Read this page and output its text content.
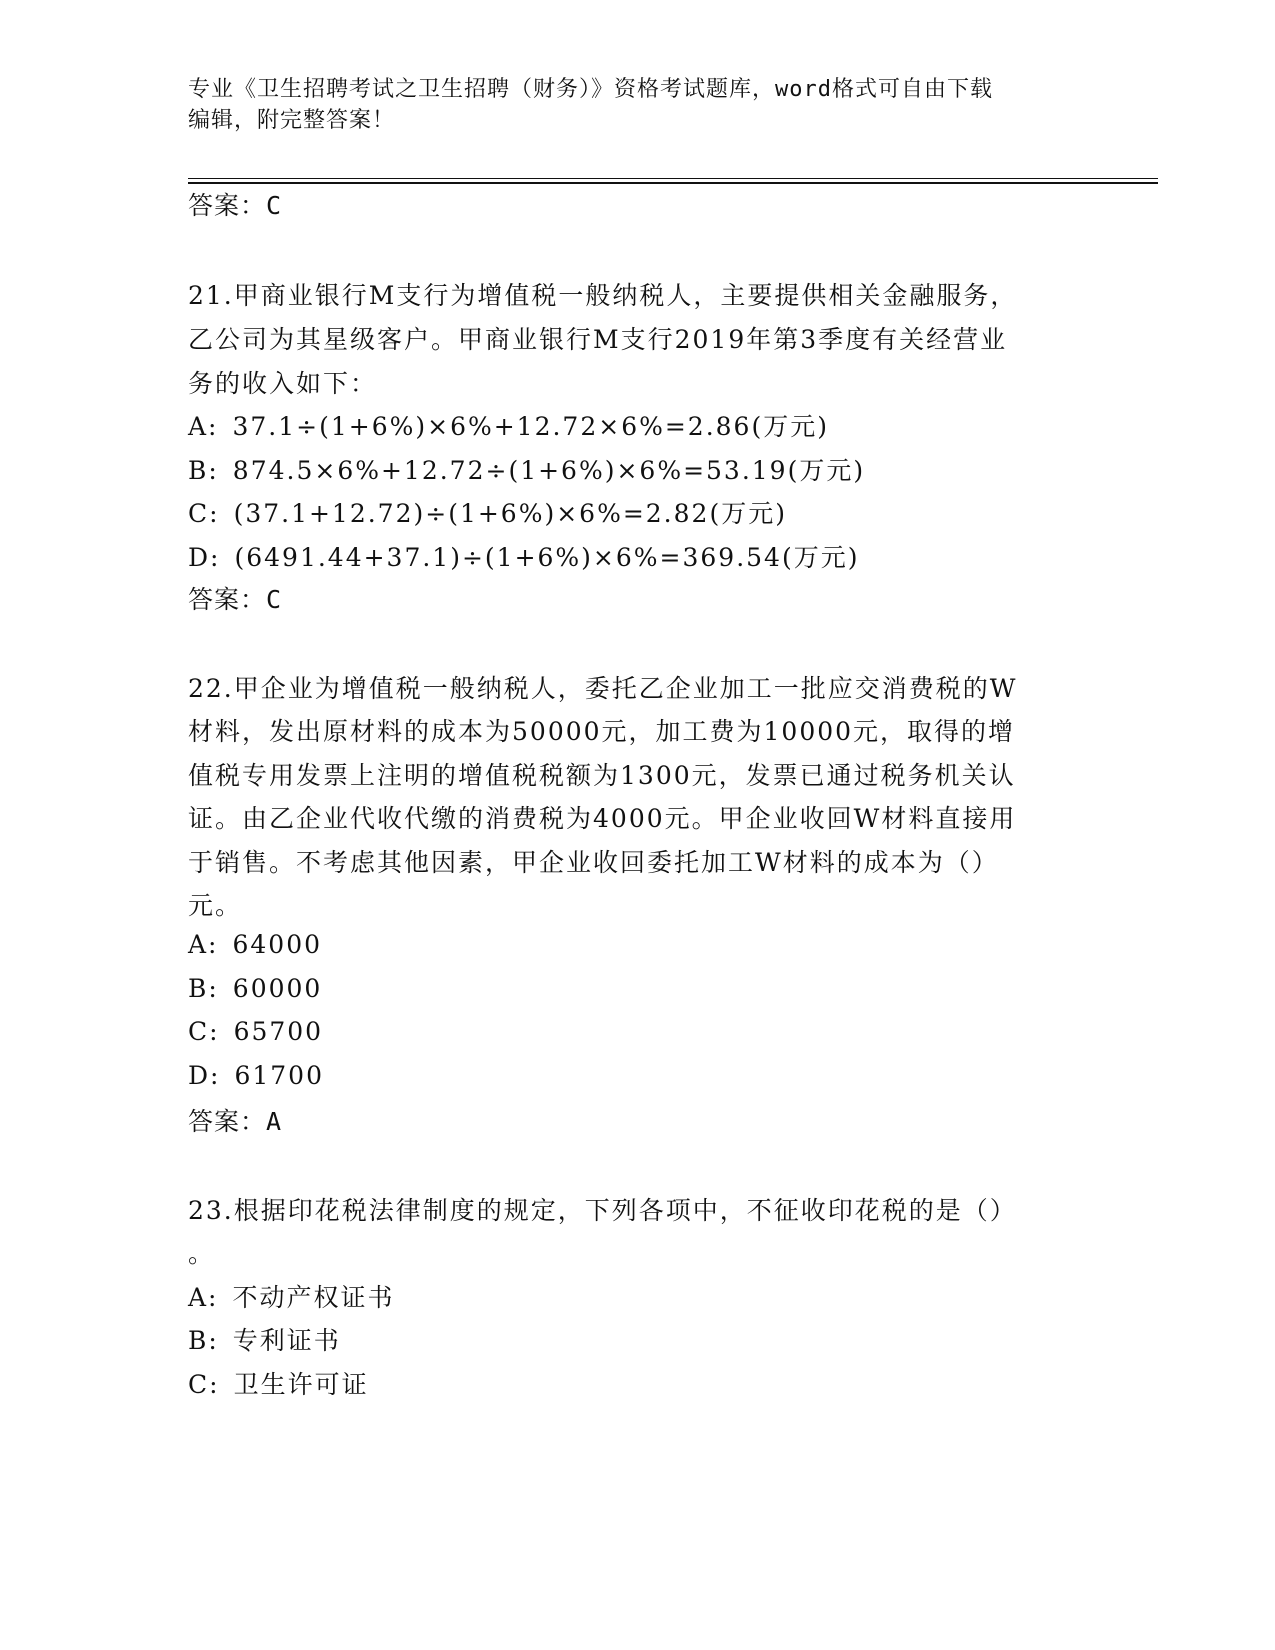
专业《卫生招聘考试之卫生招聘（财务）》资格考试题库，word格式可自由下载
编辑，附完整答案！
答案：C
21.甲商业银行M支行为增值税一般纳税人，主要提供相关金融服务，
乙公司为其星级客户。甲商业银行M支行2019年第3季度有关经营业
务的收入如下：
A: 37.1÷(1+6%)×6%+12.72×6%=2.86(万元)
B: 874.5×6%+12.72÷(1+6%)×6%=53.19(万元)
C: (37.1+12.72)÷(1+6%)×6%=2.82(万元)
D: (6491.44+37.1)÷(1+6%)×6%=369.54(万元)
答案：C
22.甲企业为增值税一般纳税人，委托乙企业加工一批应交消费税的W
材料，发出原材料的成本为50000元，加工费为10000元，取得的增
值税专用发票上注明的增值税税额为1300元，发票已通过税务机关认
证。由乙企业代收代缴的消费税为4000元。甲企业收回W材料直接用
于销售。不考虑其他因素，甲企业收回委托加工W材料的成本为（）
元。
A: 64000
B: 60000
C: 65700
D: 61700
答案：A
23.根据印花税法律制度的规定，下列各项中，不征收印花税的是（）
。
A: 不动产权证书
B: 专利证书
C: 卫生许可证
